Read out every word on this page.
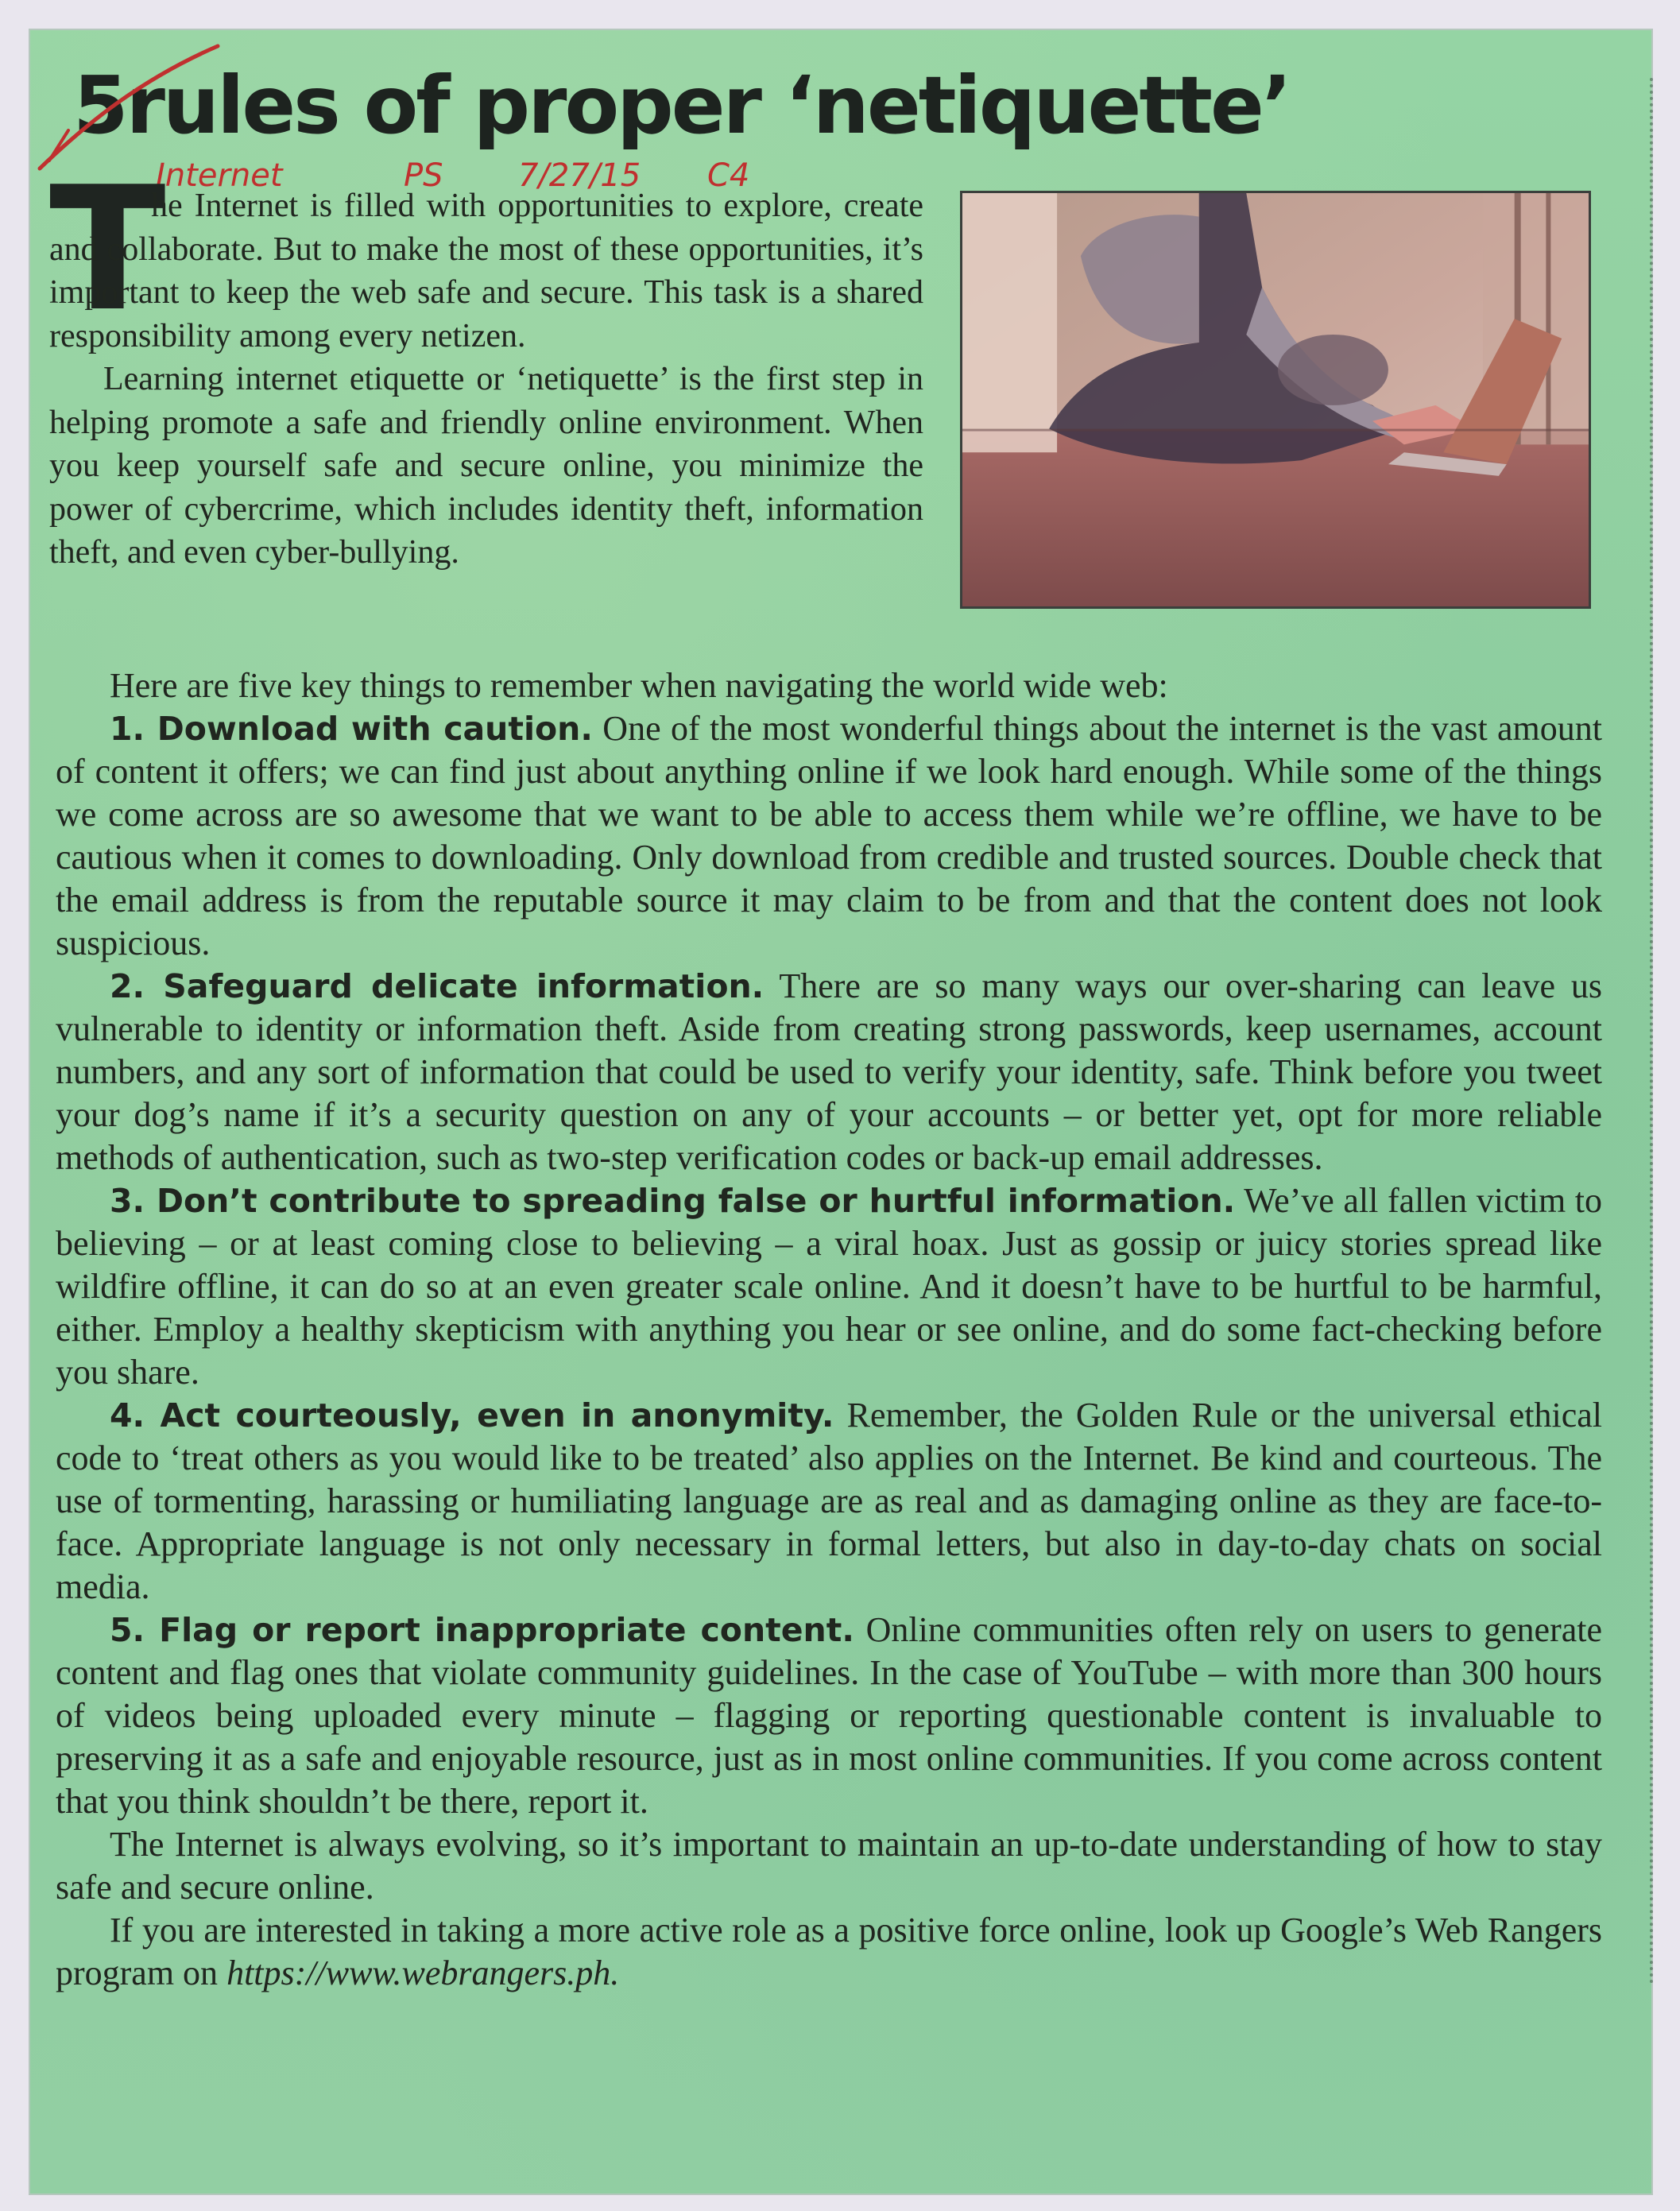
5rules of proper ‘netiquette’
Internet	PS 7/27/15 C4
T

he Internet is filled with opportunities to explore, create and collaborate. But to make the most of these opportunities, it’s important to keep the web safe and secure. This task is a shared responsibility among every netizen.

Learning internet etiquette or ‘netiquette’ is the first step in helping promote a safe and friendly online environment. When you keep yourself safe and secure online, you minimize the power of cybercrime, which includes identity theft, information theft, and even cyber-bullying.

Here are five key things to remember when navigating the world wide web:

1. Download with caution. One of the most wonderful things about the internet is the vast amount of content it offers; we can find just about anything online if we look hard enough. While some of the things we come across are so awesome that we want to be able to access them while we’re offline, we have to be cautious when it comes to downloading. Only download from credible and trusted sources. Double check that the email address is from the reputable source it may claim to be from and that the content does not look suspicious.

2. Safeguard delicate information. There are so many ways our over-sharing can leave us vulnerable to identity or information theft. Aside from creating strong passwords, keep usernames, account numbers, and any sort of information that could be used to verify your identity, safe. Think before you tweet your dog’s name if it’s a security question on any of your accounts – or better yet, opt for more reliable methods of authentication, such as two-step verification codes or back-up email addresses.

3. Don’t contribute to spreading false or hurtful information. We’ve all fallen victim to believing – or at least coming close to believing – a viral hoax. Just as gossip or juicy stories spread like wildfire offline, it can do so at an even greater scale online. And it doesn’t have to be hurtful to be harmful, either. Employ a healthy skepticism with anything you hear or see online, and do some fact-checking before you share.

4. Act courteously, even in anonymity. Remember, the Golden Rule or the universal ethical code to ‘treat others as you would like to be treated’ also applies on the Internet. Be kind and courteous. The use of tormenting, harassing or humiliating language are as real and as damaging online as they are face-to-face. Appropriate language is not only necessary in formal letters, but also in day-to-day chats on social media.

5. Flag or report inappropriate content. Online communities often rely on users to generate content and flag ones that violate community guidelines. In the case of YouTube – with more than 300 hours of videos being uploaded every minute – flagging or reporting questionable content is invaluable to preserving it as a safe and enjoyable resource, just as in most online communities. If you come across content that you think shouldn’t be there, report it.

The Internet is always evolving, so it’s important to maintain an up-to-date understanding of how to stay safe and secure online.

If you are interested in taking a more active role as a positive force online, look up Google’s Web Rangers program on https://www.webrangers.ph.
